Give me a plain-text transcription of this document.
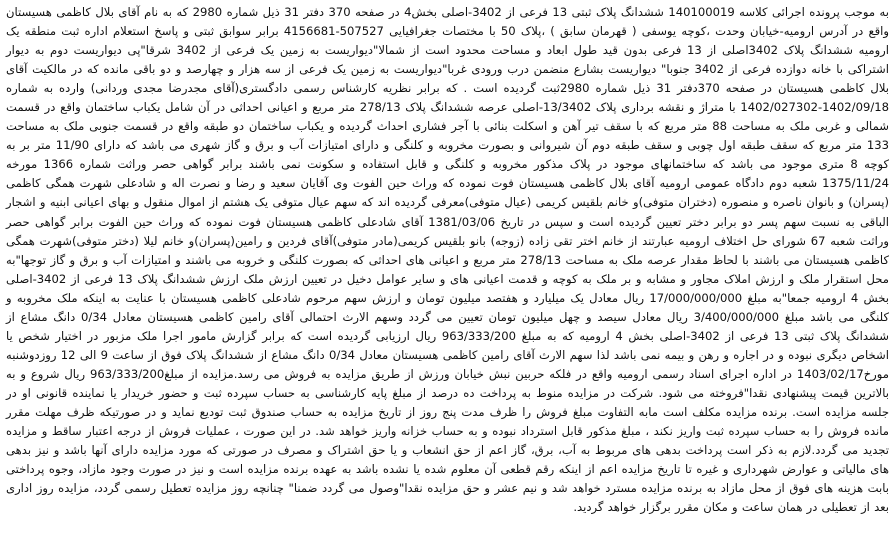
به موجب پرونده اجرائی کلاسه 140100019 ششدانگ پلاک ثبتی 13 فرعی از 3402-اصلی بخش4 در صفحه 370 دفتر 31 ذیل شماره 2980 که به نام آقای بلال کاظمی هسیستان واقع در آدرس ارومیه-خیابان وحدت ،کوچه یوسفی ( قهرمان سابق ) ،پلاک 50 با مختصات جغرافیایی 507527-4156681 برابر سوابق ثبتی و پاسخ استعلام اداره ثبت منطقه یک ارومیه ششدانگ پلاک 3402اصلی از 13 فرعی بدون قید طول ابعاد و مساحت محدود است از شمالا"دیواریست به زمین یک فرعی از 3402 شرقا"پی دیواریست دوم به دیوار اشتراکی با خانه دوازده فرعی از 3402 جنوبا" دیواریست بشارع منضمن درب ورودی غربا"دیواریست به زمین یک فرعی از سه هزار و چهارصد و دو باقی مانده که در مالکیت آقای بلال کاظمی هسیستان در صفحه 370دفتر 31 ذیل شماره 2980ثبت گردیده است . که برابر نظریه کارشناس رسمی دادگستری(آقای مجدرضا مجدی وردانی) وارده به شماره 1402/09/18-1402/027302 با متراژ و نقشه برداری پلاک 13/3402-اصلی عرصه ششدانگ پلاک 278/13 متر مربع و اعیانی احداثی در آن شامل یکباب ساختمان واقع در قسمت شمالی و غربی ملک به مساحت 88 متر مربع که با سقف تیر آهن و اسکلت بنائی با آجر فشاری احداث گردیده و یکباب ساختمان دو طبقه واقع در قسمت جنوبی ملک به مساحت 133 متر مربع که سقف طبقه اول چوبی و سقف طبقه دوم آن شیروانی و بصورت مخروبه و کلنگی و دارای امتیازات آب و برق و گاز شهری می باشد که دارای 11/90 متر بر به کوچه 8 متری موجود می باشد که ساختمانهای موجود در پلاک مذکور مخروبه و کلنگی و قابل استفاده و سکونت نمی باشند برابر گواهی حصر وراثت شماره 1366 مورخه 1375/11/24 شعبه دوم دادگاه عمومی ارومیه آقای بلال کاظمی هسیستان فوت نموده که وراث حین الفوت وی آقایان سعید و رضا و نصرت اله و شادعلی شهرت همگی کاظمی (پسران) و بانوان ناصره و منصوره (دختران متوفی)و خانم بلقیس کریمی (عیال متوفی)معرفی گردیده اند که سهم عیال متوفی یک هشتم از اموال منقول و بهای اعیانی ابنیه و اشجار الباقی به نسبت سهم پسر دو برابر دختر تعیین گردیده است و سپس در تاریخ 1381/03/06 آقای شادعلی کاظمی هسیستان فوت نموده که وراث حین الفوت برابر گواهی حصر وراثت شعبه 67 شورای حل اختلاف ارومیه عبارتند از خانم اختر تقی زاده (زوجه) بانو بلقیس کریمی(مادر متوفی)آقای فردین و رامین(پسران)و خانم لیلا (دختر متوفی)شهرت همگی کاظمی هسیستان می باشند با لحاظ مقدار عرصه ملک به مساحت 278/13 متر مربع و اعیانی های احداثی که بصورت کلنگی و خروبه می باشند و امتیازات آب و برق و گاز توجها"به محل استقرار ملک و ارزش املاک مجاور و مشابه و بر ملک به کوچه و قدمت اعیانی های و سایر عوامل دخیل در تعیین ارزش ملک ارزش ششدانگ پلاک 13 فرعی از 3402-اصلی بخش 4 ارومیه جمعا"به مبلغ 17/000/000/000 ریال معادل یک میلیارد و هفتصد میلیون تومان و ارزش سهم مرحوم شادعلی کاظمی هسیستان با عنایت به اینکه ملک مخروبه و کلنگی می باشد مبلغ 3/400/000/000 ریال معادل سیصد و چهل میلیون تومان تعیین می گردد وسهم الارث احتمالی آقای رامین کاظمی هسیستان معادل 0/34 دانگ مشاع از ششدانگ پلاک ثبتی 13 فرعی از 3402-اصلی بخش 4 ارومیه که به مبلغ 963/333/200 ریال ارزیابی گردیده است که برابر گزارش مامور اجرا ملک مزبور در اختیار شخص یا اشخاص دیگری نبوده و در اجاره و رهن و بیمه نمی باشد لذا سهم الارث آقای رامین کاظمی هسیستان معادل 0/34 دانگ مشاع از ششدانگ پلاک فوق از ساعت 9 الی 12 روزدوشنبه مورخ1403/02/17 در اداره اجرای اسناد رسمی ارومیه واقع در فلکه حربین نبش خیابان ورزش از طریق مزایده به فروش می رسد.مزایده از مبلغ963/333/200 ریال شروع و به بالاترین قیمت پیشنهادی نقدا"فروخته می شود. شرکت در مزایده منوط به پرداخت ده درصد از مبلغ پایه کارشناسی به حساب سپرده ثبت و حضور خریدار یا نماینده قانونی او در جلسه مزایده است. برنده مزایده مکلف است مابه التفاوت مبلغ فروش را ظرف مدت پنج روز از تاریخ مزایده به حساب صندوق ثبت تودیع نماید و در صورتیکه ظرف مهلت مقرر مانده فروش را به حساب سپرده ثبت واریز نکند ، مبلغ مذکور قابل استرداد نبوده و به حساب خزانه واریز خواهد شد. در این صورت ، عملیات فروش از درجه اعتبار ساقط و مزایده تجدید می گردد.لازم به ذکر است پرداخت بدهی های مربوط به آب، برق، گاز اعم از حق انشعاب و یا حق اشتراک و مصرف در صورتی که مورد مزایده دارای آنها باشد و نیز بدهی های مالیاتی و عوارض شهرداری و غیره تا تاریخ مزایده اعم از اینکه رقم قطعی آن معلوم شده یا نشده باشد به عهده برنده مزایده است و نیز در صورت وجود مازاد، وجوه پرداختی بابت هزینه های فوق از محل مازاد به برنده مزایده مسترد خواهد شد و نیم عشر و حق مزایده نقدا"وصول می گردد ضمنا" چنانچه روز مزایده تعطیل رسمی گردد، مزایده روز اداری بعد از تعطیلی در همان ساعت و مکان مقرر برگزار خواهد گردید.
